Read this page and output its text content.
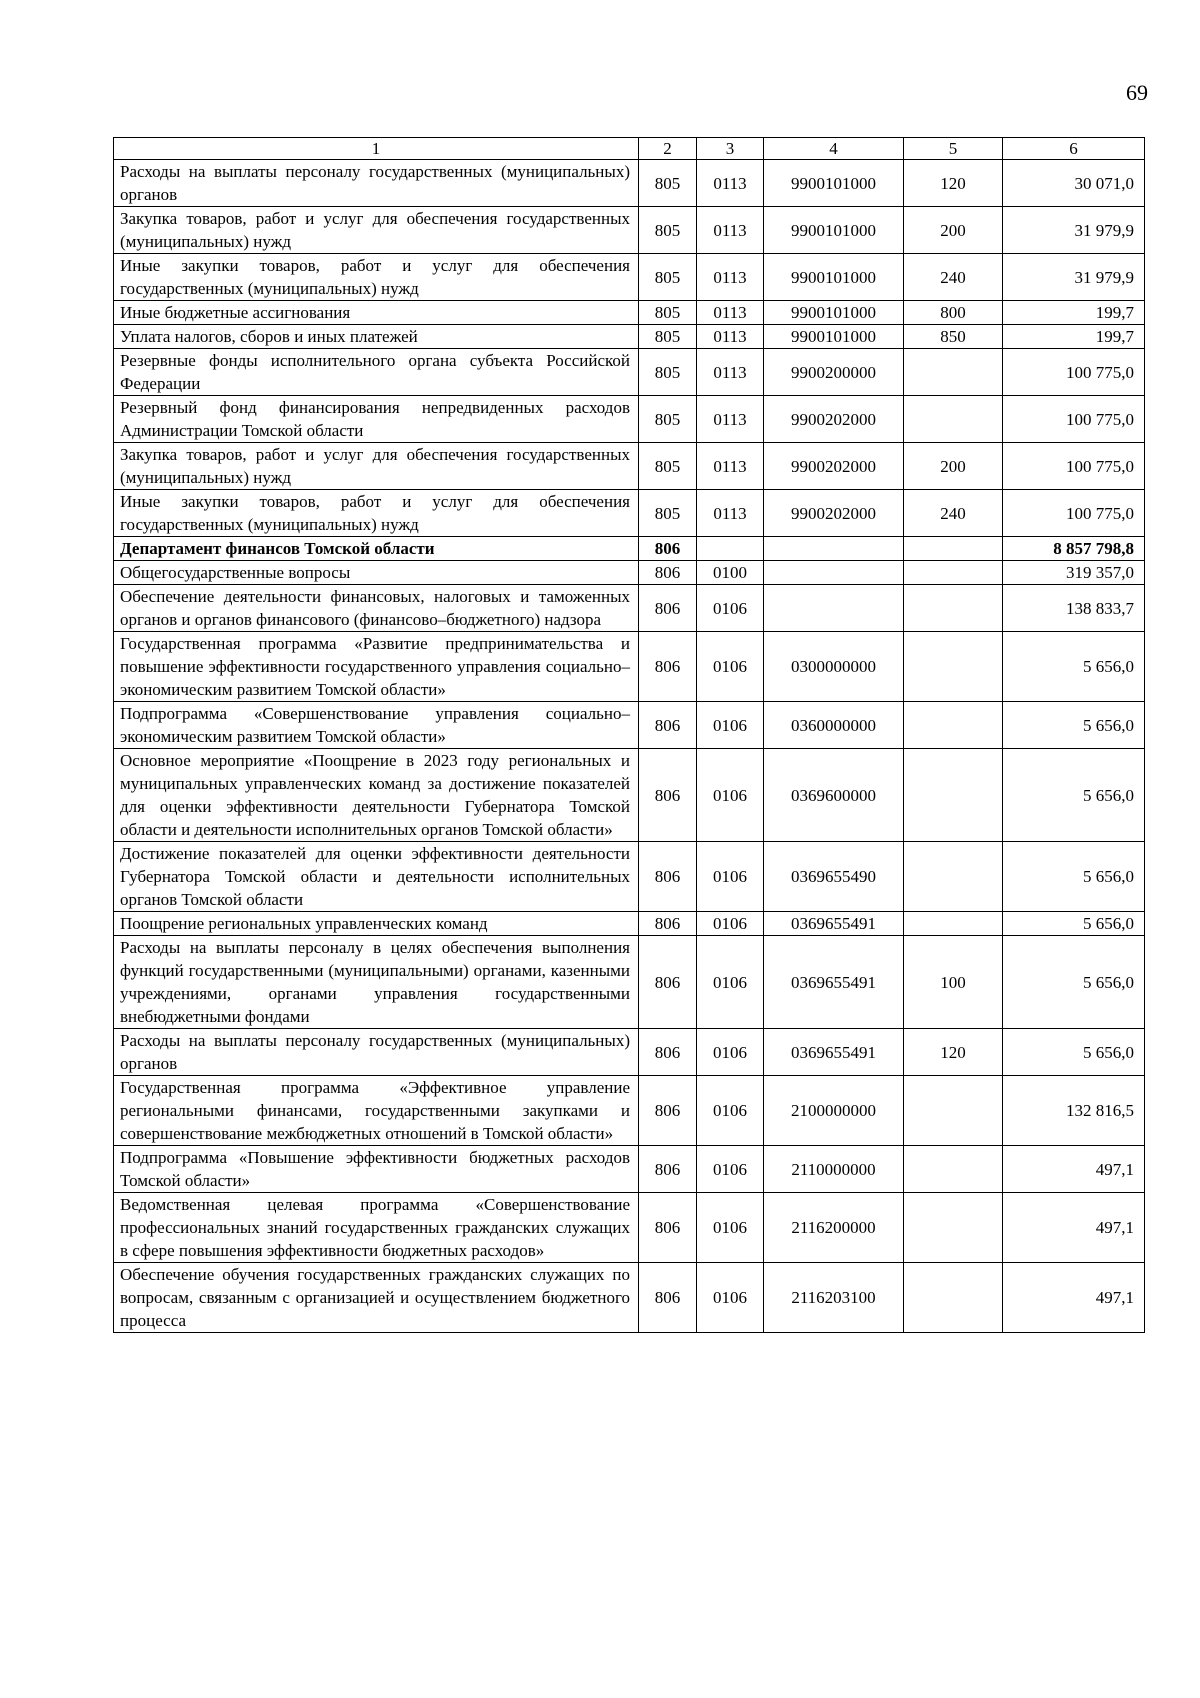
69
1	2	3	4	5	6
Расходы на выплаты персоналу государственных (муниципальных) органов	805	0113	9900101000	120	30 071,0
Закупка товаров, работ и услуг для обеспечения государственных (муниципальных) нужд	805	0113	9900101000	200	31 979,9
Иные закупки товаров, работ и услуг для обеспечения государственных (муниципальных) нужд	805	0113	9900101000	240	31 979,9
Иные бюджетные ассигнования	805	0113	9900101000	800	199,7
Уплата налогов, сборов и иных платежей	805	0113	9900101000	850	199,7
Резервные фонды исполнительного органа субъекта Российской Федерации	805	0113	9900200000		100 775,0
Резервный фонд финансирования непредвиденных расходов Администрации Томской области	805	0113	9900202000		100 775,0
Закупка товаров, работ и услуг для обеспечения государственных (муниципальных) нужд	805	0113	9900202000	200	100 775,0
Иные закупки товаров, работ и услуг для обеспечения государственных (муниципальных) нужд	805	0113	9900202000	240	100 775,0
Департамент финансов Томской области	806				8 857 798,8
Общегосударственные вопросы	806	0100			319 357,0
Обеспечение деятельности финансовых, налоговых и таможенных органов и органов финансового (финансово–бюджетного) надзора	806	0106			138 833,7
Государственная программа «Развитие предпринимательства и повышение эффективности государственного управления социально–экономическим развитием Томской области»	806	0106	0300000000		5 656,0
Подпрограмма «Совершенствование управления социально–экономическим развитием Томской области»	806	0106	0360000000		5 656,0
Основное мероприятие «Поощрение в 2023 году региональных и муниципальных управленческих команд за достижение показателей для оценки эффективности деятельности Губернатора Томской области и деятельности исполнительных органов Томской области»	806	0106	0369600000		5 656,0
Достижение показателей для оценки эффективности деятельности Губернатора Томской области и деятельности исполнительных органов Томской области	806	0106	0369655490		5 656,0
Поощрение региональных управленческих команд	806	0106	0369655491		5 656,0
Расходы на выплаты персоналу в целях обеспечения выполнения функций государственными (муниципальными) органами, казенными учреждениями, органами управления государственными внебюджетными фондами	806	0106	0369655491	100	5 656,0
Расходы на выплаты персоналу государственных (муниципальных) органов	806	0106	0369655491	120	5 656,0
Государственная программа «Эффективное управление региональными финансами, государственными закупками и совершенствование межбюджетных отношений в Томской области»	806	0106	2100000000		132 816,5
Подпрограмма «Повышение эффективности бюджетных расходов Томской области»	806	0106	2110000000		497,1
Ведомственная целевая программа «Совершенствование профессиональных знаний государственных гражданских служащих в сфере повышения эффективности бюджетных расходов»	806	0106	2116200000		497,1
Обеспечение обучения государственных гражданских служащих по вопросам, связанным с организацией и осуществлением бюджетного процесса	806	0106	2116203100		497,1
